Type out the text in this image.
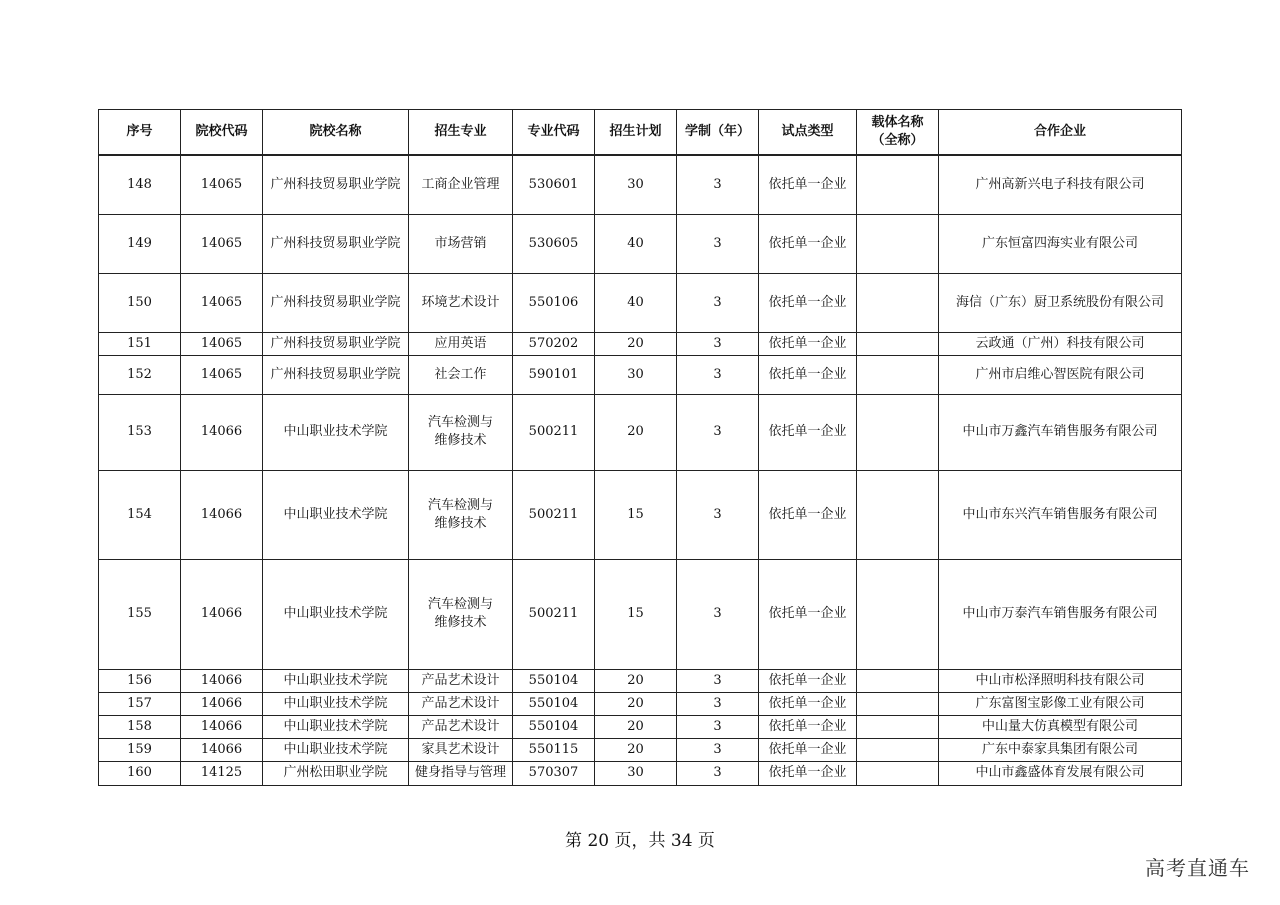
序号	院校代码	院校名称	招生专业	专业代码	招生计划	学制（年）	试点类型	载体名称（全称）	合作企业
148	14065	广州科技贸易职业学院	工商企业管理	530601	30	3	依托单一企业		广州高新兴电子科技有限公司
149	14065	广州科技贸易职业学院	市场营销	530605	40	3	依托单一企业		广东恒富四海实业有限公司
150	14065	广州科技贸易职业学院	环境艺术设计	550106	40	3	依托单一企业		海信（广东）厨卫系统股份有限公司
151	14065	广州科技贸易职业学院	应用英语	570202	20	3	依托单一企业		云政通（广州）科技有限公司
152	14065	广州科技贸易职业学院	社会工作	590101	30	3	依托单一企业		广州市启维心智医院有限公司
153	14066	中山职业技术学院	汽车检测与维修技术	500211	20	3	依托单一企业		中山市万鑫汽车销售服务有限公司
154	14066	中山职业技术学院	汽车检测与维修技术	500211	15	3	依托单一企业		中山市东兴汽车销售服务有限公司
155	14066	中山职业技术学院	汽车检测与维修技术	500211	15	3	依托单一企业		中山市万泰汽车销售服务有限公司
156	14066	中山职业技术学院	产品艺术设计	550104	20	3	依托单一企业		中山市松泽照明科技有限公司
157	14066	中山职业技术学院	产品艺术设计	550104	20	3	依托单一企业		广东富图宝影像工业有限公司
158	14066	中山职业技术学院	产品艺术设计	550104	20	3	依托单一企业		中山量大仿真模型有限公司
159	14066	中山职业技术学院	家具艺术设计	550115	20	3	依托单一企业		广东中泰家具集团有限公司
160	14125	广州松田职业学院	健身指导与管理	570307	30	3	依托单一企业		中山市鑫盛体育发展有限公司
第 20 页，共 34 页
高考直通车
